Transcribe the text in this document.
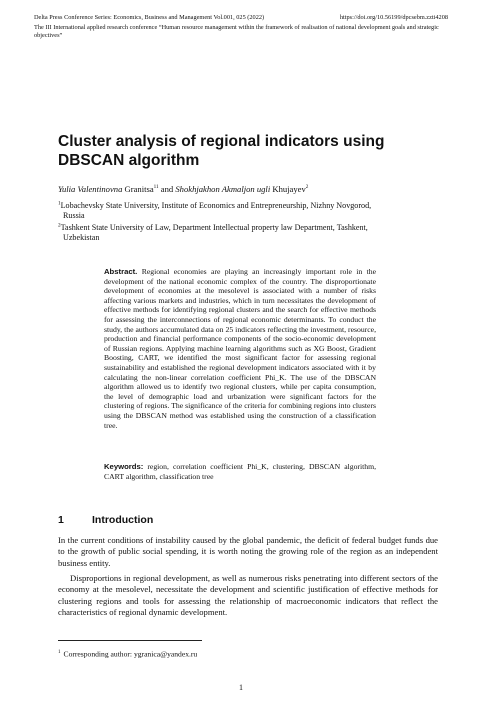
Delta Press Conference Series: Economics, Business and Management Vol.001, 025 (2022)	https://doi.org/10.56199/dpcsebm.zzti4208
The III International applied research conference “Human resource management within the framework of realisation of national development goals and strategic objectives”
Cluster analysis of regional indicators using DBSCAN algorithm
Yulia Valentinovna Granitsa$^{11}$ and Shokhjakhon Akmaljon ugli Khujayev$^2$
$^1$Lobachevsky State University, Institute of Economics and Entrepreneurship, Nizhny Novgorod,
Russia
$^2$Tashkent State University of Law, Department Intellectual property law Department, Tashkent,
Uzbekistan
Abstract. Regional economies are playing an increasingly important role in the development of the national economic complex of the country. The disproportionate development of economies at the mesolevel is associated with a number of risks affecting various markets and industries, which in turn necessitates the development of effective methods for identifying regional clusters and the search for effective methods for assessing the interconnections of regional economic determinants. To conduct the study, the authors accumulated data on 25 indicators reflecting the investment, resource, production and financial performance components of the socio-economic development of Russian regions. Applying machine learning algorithms such as XG Boost, Gradient Boosting, CART, we identified the most significant factor for assessing regional sustainability and established the regional development indicators associated with it by calculating the non-linear correlation coefficient Phi_K. The use of the DBSCAN algorithm allowed us to identify two regional clusters, while per capita consumption, the level of demographic load and urbanization were significant factors for the clustering of regions. The significance of the criteria for combining regions into clusters using the DBSCAN method was established using the construction of a classification tree.
Keywords: region, correlation coefficient Phi_K, clustering, DBSCAN algorithm, CART algorithm, classification tree
1	Introduction
In the current conditions of instability caused by the global pandemic, the deficit of federal budget funds due to the growth of public social spending, it is worth noting the growing role of the region as an independent business entity.
Disproportions in regional development, as well as numerous risks penetrating into different sectors of the economy at the mesolevel, necessitate the development and scientific justification of effective methods for clustering regions and tools for assessing the relationship of macroeconomic indicators that reflect the characteristics of regional dynamic development.
$^1$ Corresponding author: ygranica@yandex.ru
1
